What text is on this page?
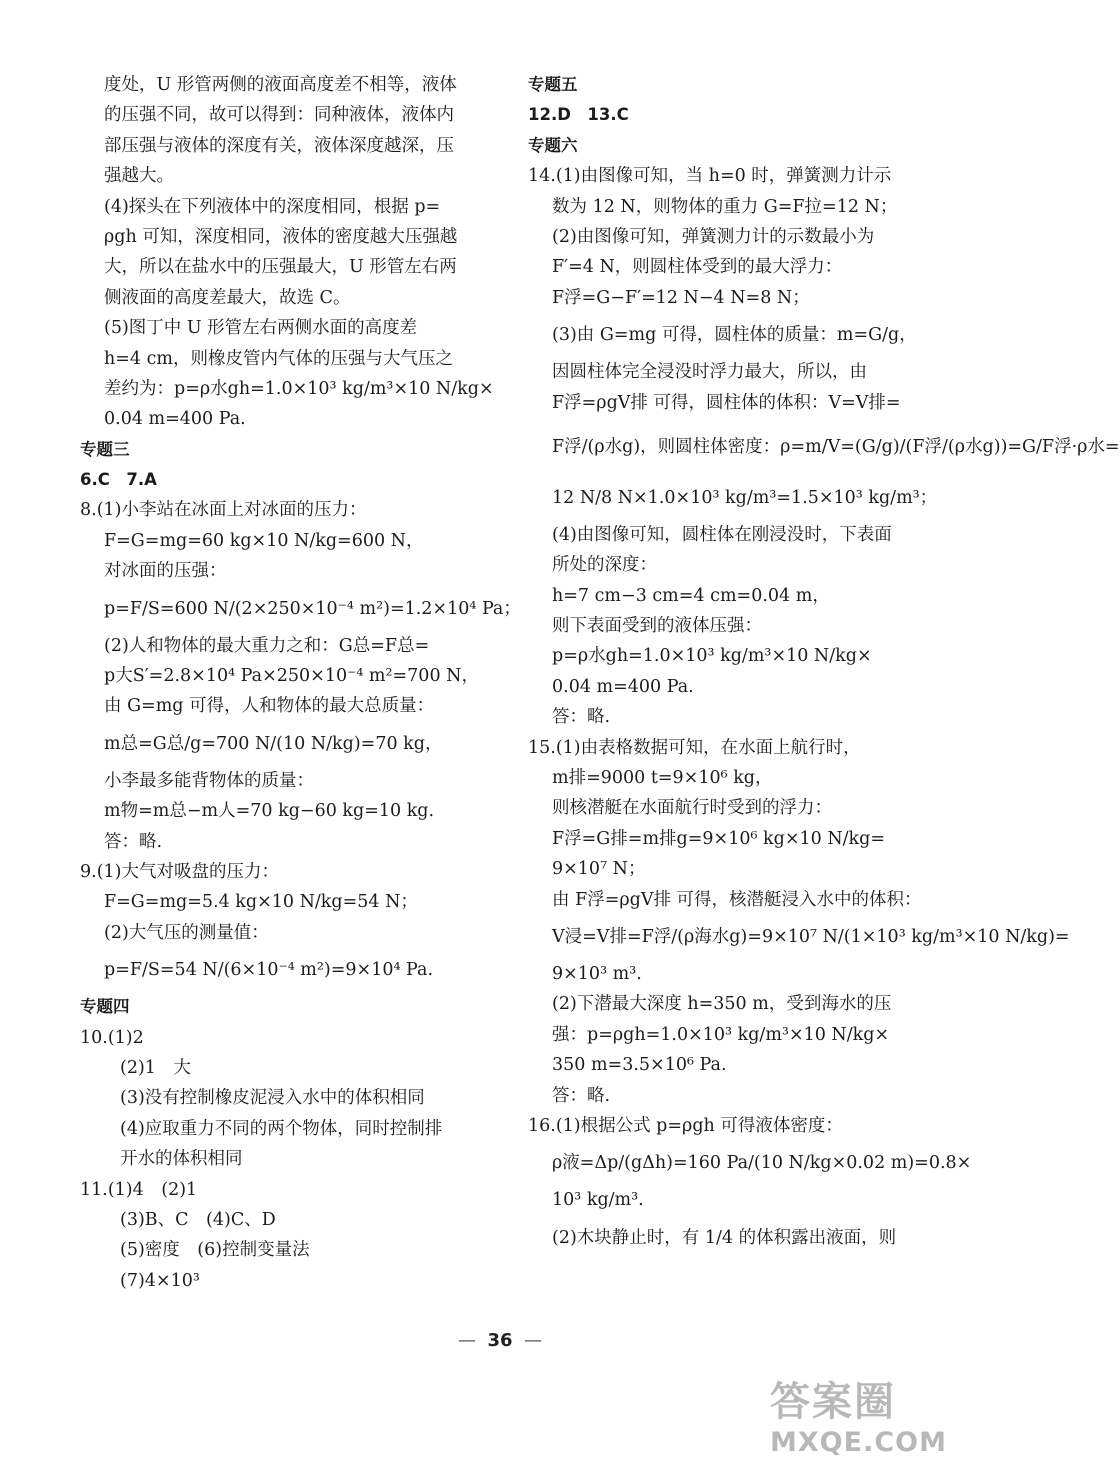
度处，U 形管两侧的液面高度差不相等，液体
的压强不同，故可以得到：同种液体，液体内
部压强与液体的深度有关，液体深度越深，压
强越大。
(4)探头在下列液体中的深度相同，根据 p=
ρgh 可知，深度相同，液体的密度越大压强越
大，所以在盐水中的压强最大，U 形管左右两
侧液面的高度差最大，故选 C。
(5)图丁中 U 形管左右两侧水面的高度差
h=4 cm，则橡皮管内气体的压强与大气压之
差约为：p=ρ水gh=1.0×10³ kg/m³×10 N/kg×
0.04 m=400 Pa.
专题三
6.C　7.A
8.(1)小李站在冰面上对冰面的压力：
F=G=mg=60 kg×10 N/kg=600 N，
对冰面的压强：
p=F/S=600 N/(2×250×10⁻⁴ m²)=1.2×10⁴ Pa；
(2)人和物体的最大重力之和：G总=F总=
p大S′=2.8×10⁴ Pa×250×10⁻⁴ m²=700 N，
由 G=mg 可得，人和物体的最大总质量：
m总=G总/g=700 N/(10 N/kg)=70 kg，
小李最多能背物体的质量：
m物=m总−m人=70 kg−60 kg=10 kg.
答：略.
9.(1)大气对吸盘的压力：
F=G=mg=5.4 kg×10 N/kg=54 N；
(2)大气压的测量值：
p=F/S=54 N/(6×10⁻⁴ m²)=9×10⁴ Pa.
专题四
10.(1)2
(2)1　大
(3)没有控制橡皮泥浸入水中的体积相同
(4)应取重力不同的两个物体，同时控制排
开水的体积相同
11.(1)4　(2)1
(3)B、C　(4)C、D
(5)密度　(6)控制变量法
(7)4×10³
专题五
12.D　13.C
专题六
14.(1)由图像可知，当 h=0 时，弹簧测力计示
数为 12 N，则物体的重力 G=F拉=12 N；
(2)由图像可知，弹簧测力计的示数最小为
F′=4 N，则圆柱体受到的最大浮力：
F浮=G−F′=12 N−4 N=8 N；
(3)由 G=mg 可得，圆柱体的质量：m=G/g，
因圆柱体完全浸没时浮力最大，所以，由
F浮=ρgV排 可得，圆柱体的体积：V=V排=
F浮/(ρ水g)，则圆柱体密度：ρ=m/V=(G/g)/(F浮/(ρ水g))=G/F浮·ρ水=
12 N/8 N×1.0×10³ kg/m³=1.5×10³ kg/m³；
(4)由图像可知，圆柱体在刚浸没时，下表面
所处的深度：
h=7 cm−3 cm=4 cm=0.04 m，
则下表面受到的液体压强：
p=ρ水gh=1.0×10³ kg/m³×10 N/kg×
0.04 m=400 Pa.
答：略.
15.(1)由表格数据可知，在水面上航行时，
m排=9000 t=9×10⁶ kg，
则核潜艇在水面航行时受到的浮力：
F浮=G排=m排g=9×10⁶ kg×10 N/kg=
9×10⁷ N；
由 F浮=ρgV排 可得，核潜艇浸入水中的体积：
V浸=V排=F浮/(ρ海水g)=9×10⁷ N/(1×10³ kg/m³×10 N/kg)=
9×10³ m³.
(2)下潜最大深度 h=350 m，受到海水的压
强：p=ρgh=1.0×10³ kg/m³×10 N/kg×
350 m=3.5×10⁶ Pa.
答：略.
16.(1)根据公式 p=ρgh 可得液体密度：
ρ液=Δp/(gΔh)=160 Pa/(10 N/kg×0.02 m)=0.8×
10³ kg/m³.
(2)木块静止时，有 1/4 的体积露出液面，则
—  36  —
答案圈
MXQE.COM
